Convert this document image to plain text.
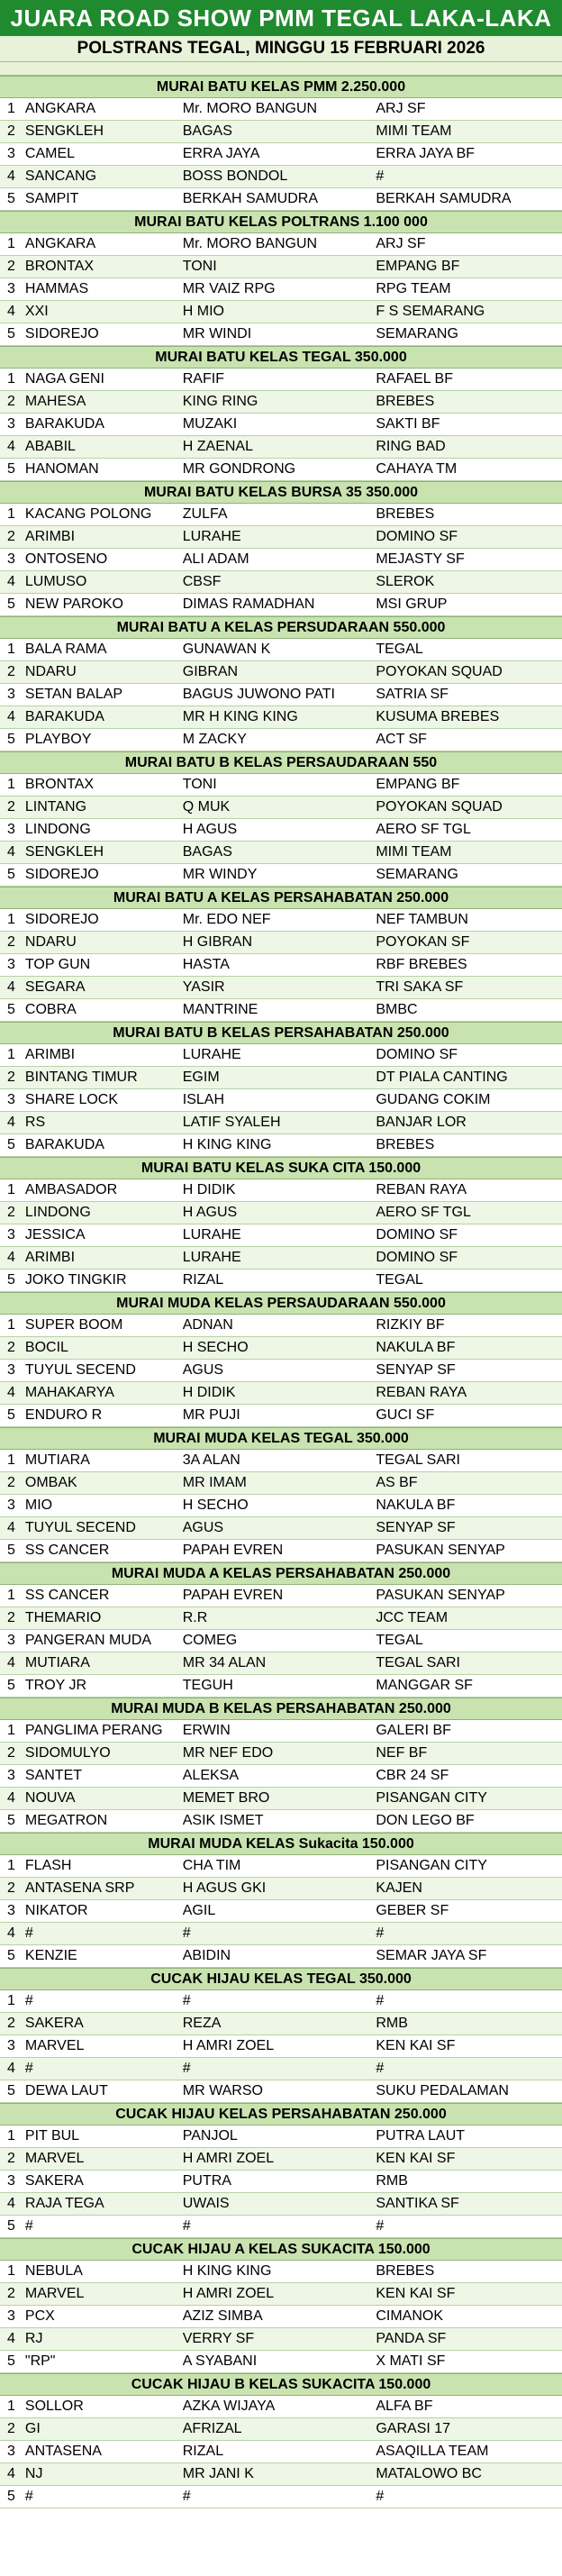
JUARA ROAD SHOW PMM TEGAL LAKA-LAKA
POLSTRANS TEGAL, MINGGU 15 FEBRUARI 2026
MURAI BATU KELAS PMM 2.250.000
1 ANGKARA	Mr. MORO BANGUN	ARJ SF
2 SENGKLEH	BAGAS	MIMI TEAM
3 CAMEL	ERRA JAYA	ERRA JAYA BF
4 SANCANG	BOSS BONDOL	#
5 SAMPIT	BERKAH SAMUDRA	BERKAH SAMUDRA
MURAI BATU KELAS POLTRANS 1.100 000
1 ANGKARA	Mr. MORO BANGUN	ARJ SF
2 BRONTAX	TONI	EMPANG BF
3 HAMMAS	MR VAIZ RPG	RPG TEAM
4 XXI	H MIO	F S SEMARANG
5 SIDOREJO	MR WINDI	SEMARANG
MURAI BATU KELAS TEGAL 350.000
1 NAGA GENI	RAFIF	RAFAEL BF
2 MAHESA	KING RING	BREBES
3 BARAKUDA	MUZAKI	SAKTI BF
4 ABABIL	H ZAENAL	RING BAD
5 HANOMAN	MR GONDRONG	CAHAYA TM
MURAI BATU KELAS BURSA 35 350.000
1 KACANG POLONG	ZULFA	BREBES
2 ARIMBI	LURAHE	DOMINO SF
3 ONTOSENO	ALI ADAM	MEJASTY SF
4 LUMUSO	CBSF	SLEROK
5 NEW PAROKO	DIMAS RAMADHAN	MSI GRUP
MURAI BATU A KELAS PERSUDARAAN 550.000
1 BALA RAMA	GUNAWAN K	TEGAL
2 NDARU	GIBRAN	POYOKAN SQUAD
3 SETAN BALAP	BAGUS JUWONO PATI	SATRIA SF
4 BARAKUDA	MR H KING KING	KUSUMA BREBES
5 PLAYBOY	M ZACKY	ACT SF
MURAI BATU B KELAS PERSAUDARAAN 550
1 BRONTAX	TONI	EMPANG BF
2 LINTANG	Q MUK	POYOKAN SQUAD
3 LINDONG	H AGUS	AERO SF TGL
4 SENGKLEH	BAGAS	MIMI TEAM
5 SIDOREJO	MR WINDY	SEMARANG
MURAI BATU A KELAS PERSAHABATAN 250.000
1 SIDOREJO	Mr. EDO NEF	NEF TAMBUN
2 NDARU	H GIBRAN	POYOKAN SF
3 TOP GUN	HASTA	RBF BREBES
4 SEGARA	YASIR	TRI SAKA SF
5 COBRA	MANTRINE	BMBC
MURAI BATU B KELAS PERSAHABATAN 250.000
1 ARIMBI	LURAHE	DOMINO SF
2 BINTANG TIMUR	EGIM	DT PIALA CANTING
3 SHARE LOCK	ISLAH	GUDANG COKIM
4 RS	LATIF SYALEH	BANJAR LOR
5 BARAKUDA	H KING KING	BREBES
MURAI BATU KELAS SUKA CITA 150.000
1 AMBASADOR	H DIDIK	REBAN RAYA
2 LINDONG	H AGUS	AERO SF TGL
3 JESSICA	LURAHE	DOMINO SF
4 ARIMBI	LURAHE	DOMINO SF
5 JOKO TINGKIR	RIZAL	TEGAL
MURAI MUDA KELAS PERSAUDARAAN 550.000
1 SUPER BOOM	ADNAN	RIZKIY BF
2 BOCIL	H SECHO	NAKULA BF
3 TUYUL SECEND	AGUS	SENYAP SF
4 MAHAKARYA	H DIDIK	REBAN RAYA
5 ENDURO R	MR PUJI	GUCI SF
MURAI MUDA KELAS TEGAL 350.000
1 MUTIARA	3A ALAN	TEGAL SARI
2 OMBAK	MR IMAM	AS BF
3 MIO	H SECHO	NAKULA BF
4 TUYUL SECEND	AGUS	SENYAP SF
5 SS CANCER	PAPAH EVREN	PASUKAN SENYAP
MURAI MUDA A KELAS PERSAHABATAN 250.000
1 SS CANCER	PAPAH EVREN	PASUKAN SENYAP
2 THEMARIO	R.R	JCC TEAM
3 PANGERAN MUDA	COMEG	TEGAL
4 MUTIARA	MR 34 ALAN	TEGAL SARI
5 TROY JR	TEGUH	MANGGAR SF
MURAI MUDA B KELAS PERSAHABATAN 250.000
1 PANGLIMA PERANG	ERWIN	GALERI BF
2 SIDOMULYO	MR NEF EDO	NEF BF
3 SANTET	ALEKSA	CBR 24 SF
4 NOUVA	MEMET BRO	PISANGAN CITY
5 MEGATRON	ASIK ISMET	DON LEGO BF
MURAI MUDA KELAS Sukacita 150.000
1 FLASH	CHA TIM	PISANGAN CITY
2 ANTASENA SRP	H AGUS GKI	KAJEN
3 NIKATOR	AGIL	GEBER SF
4 #	#	#
5 KENZIE	ABIDIN	SEMAR JAYA SF
CUCAK HIJAU KELAS TEGAL 350.000
1 #	#	#
2 SAKERA	REZA	RMB
3 MARVEL	H AMRI ZOEL	KEN KAI SF
4 #	#	#
5 DEWA LAUT	MR WARSO	SUKU PEDALAMAN
CUCAK HIJAU KELAS PERSAHABATAN 250.000
1 PIT BUL	PANJOL	PUTRA LAUT
2 MARVEL	H AMRI ZOEL	KEN KAI SF
3 SAKERA	PUTRA	RMB
4 RAJA TEGA	UWAIS	SANTIKA SF
5 #	#	#
CUCAK HIJAU A KELAS SUKACITA 150.000
1 NEBULA	H KING KING	BREBES
2 MARVEL	H AMRI ZOEL	KEN KAI SF
3 PCX	AZIZ SIMBA	CIMANOK
4 RJ	VERRY SF	PANDA SF
5 "RP"	A SYABANI	X MATI SF
CUCAK HIJAU B KELAS SUKACITA 150.000
1 SOLLOR	AZKA WIJAYA	ALFA BF
2 GI	AFRIZAL	GARASI 17
3 ANTASENA	RIZAL	ASAQILLA TEAM
4 NJ	MR JANI K	MATALOWO BC
5 #	#	#
